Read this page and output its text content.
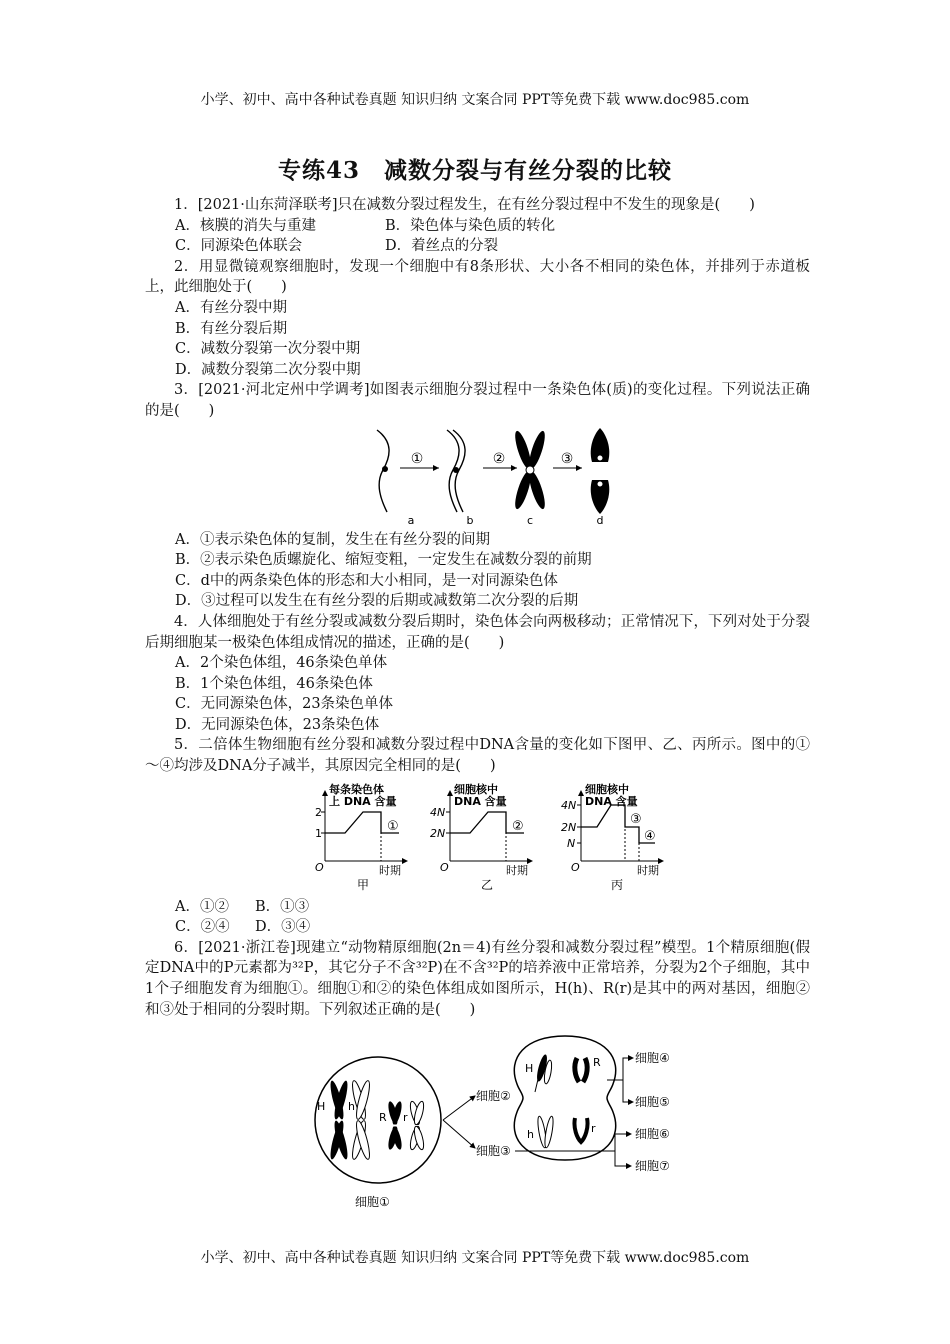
小学、初中、高中各种试卷真题 知识归纳 文案合同 PPT等免费下载 www.doc985.com
专练43　减数分裂与有丝分裂的比较

1．[2021·山东菏泽联考]只在减数分裂过程发生，在有丝分裂过程中不发生的现象是(　　)

A．核膜的消失与重建	B．染色体与染色质的转化
C．同源染色体联会	D．着丝点的分裂

2．用显微镜观察细胞时，发现一个细胞中有8条形状、大小各不相同的染色体，并排列于赤道板上，此细胞处于(　　)

A．有丝分裂中期

B．有丝分裂后期

C．减数分裂第一次分裂中期

D．减数分裂第二次分裂中期

3．[2021·河北定州中学调考]如图表示细胞分裂过程中一条染色体(质)的变化过程。下列说法正确的是(　　)

①	②	③
a	b	c	d

A．①表示染色体的复制，发生在有丝分裂的间期

B．②表示染色质螺旋化、缩短变粗，一定发生在减数分裂的前期

C．d中的两条染色体的形态和大小相同，是一对同源染色体

D．③过程可以发生在有丝分裂的后期或减数第二次分裂的后期

4．人体细胞处于有丝分裂或减数分裂后期时，染色体会向两极移动；正常情况下，下列对处于分裂后期细胞某一极染色体组成情况的描述，正确的是(　　)

A．2个染色体组，46条染色单体

B．1个染色体组，46条染色体

C．无同源染色体，23条染色单体

D．无同源染色体，23条染色体

5．二倍体生物细胞有丝分裂和减数分裂过程中DNA含量的变化如下图甲、乙、丙所示。图中的①～④均涉及DNA分子减半，其原因完全相同的是(　　)

每条染色体
上 DNA 含量
2
1	①
O	时期
甲
细胞核中
DNA 含量
4N
2N	②
O	时期
乙
细胞核中
DNA 含量
4N
2N
N
③
④
O	时期
丙
A．①②	B．①③
C．②④	D．③④

6．[2021·浙江卷]现建立“动物精原细胞(2n＝4)有丝分裂和减数分裂过程”模型。1个精原细胞(假定DNA中的P元素都为³²P，其它分子不含³²P)在不含³²P的培养液中正常培养，分裂为2个子细胞，其中1个子细胞发育为细胞①。细胞①和②的染色体组成如图所示，H(h)、R(r)是其中的两对基因，细胞②和③处于相同的分裂时期。下列叙述正确的是(　　)

H h
R r
细胞①
H	R
h	r
细胞②
细胞③
细胞④
细胞⑤
细胞⑥
细胞⑦
小学、初中、高中各种试卷真题 知识归纳 文案合同 PPT等免费下载 www.doc985.com
